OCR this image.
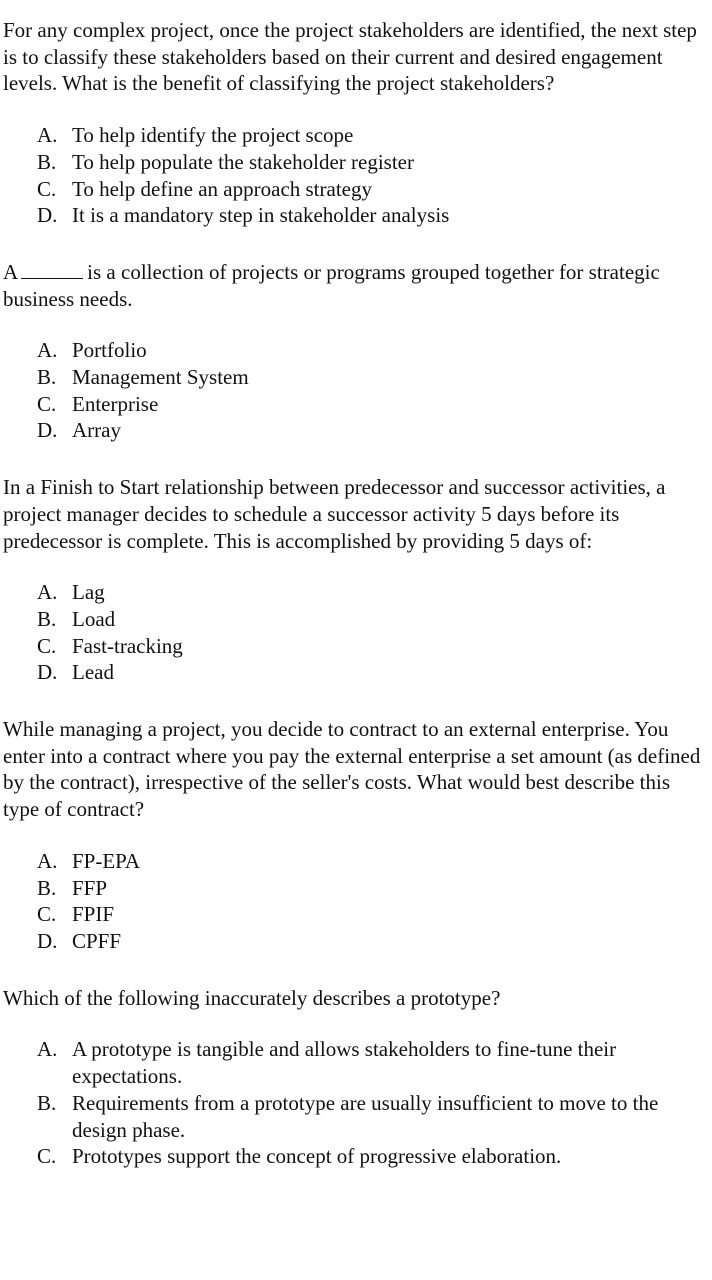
For any complex project, once the project stakeholders are identified, the next step is to classify these stakeholders based on their current and desired engagement levels. What is the benefit of classifying the project stakeholders?

A. To help identify the project scope
B. To help populate the stakeholder register
C. To help define an approach strategy
D. It is a mandatory step in stakeholder analysis

A	is a collection of projects or programs grouped together for strategic business needs.

A. Portfolio
B. Management System
C. Enterprise
D. Array

In a Finish to Start relationship between predecessor and successor activities, a project manager decides to schedule a successor activity 5 days before its predecessor is complete. This is accomplished by providing 5 days of:

A. Lag
B. Load
C. Fast-tracking
D. Lead

While managing a project, you decide to contract to an external enterprise. You enter into a contract where you pay the external enterprise a set amount (as defined by the contract), irrespective of the seller's costs. What would best describe this type of contract?

A. FP-EPA
B. FFP
C. FPIF
D. CPFF

Which of the following inaccurately describes a prototype?

A. A prototype is tangible and allows stakeholders to fine-tune their expectations.
B. Requirements from a prototype are usually insufficient to move to the design phase.
C. Prototypes support the concept of progressive elaboration.
